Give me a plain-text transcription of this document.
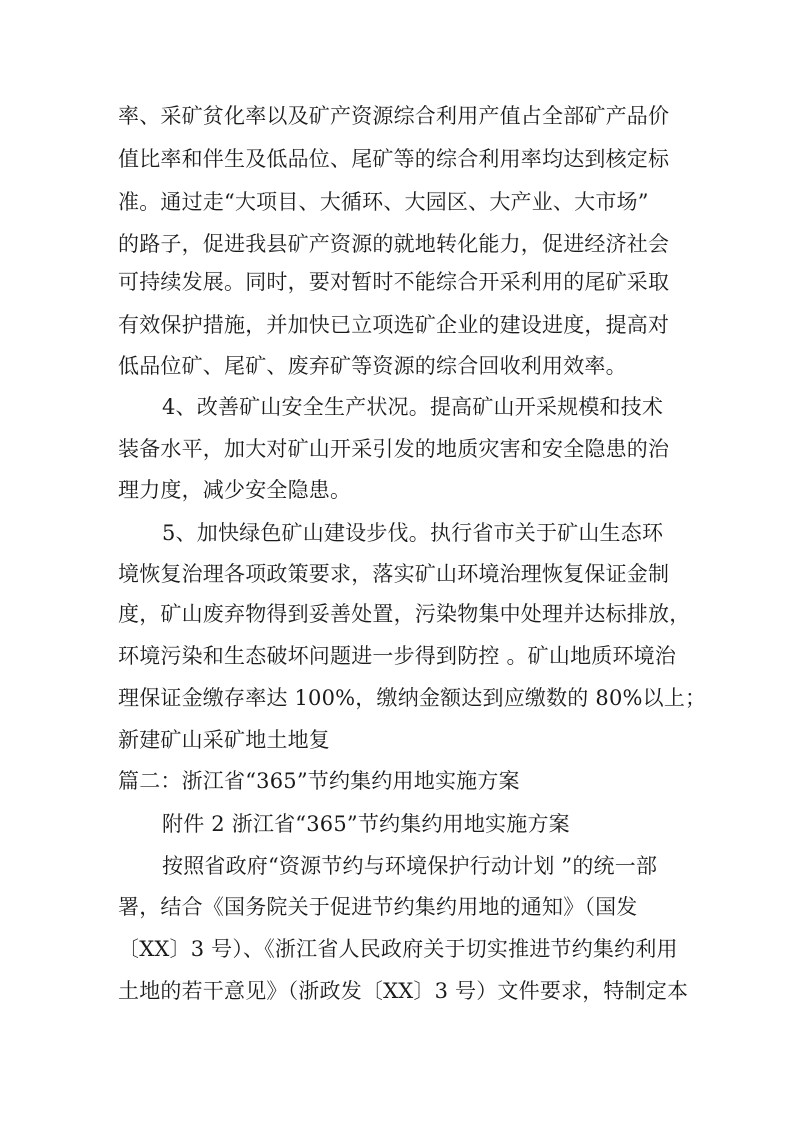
率、采矿贫化率以及矿产资源综合利用产值占全部矿产品价
值比率和伴生及低品位、尾矿等的综合利用率均达到核定标
准。通过走“大项目、大循环、大园区、大产业、大市场”
的路子，促进我县矿产资源的就地转化能力，促进经济社会
可持续发展。同时，要对暂时不能综合开采利用的尾矿采取
有效保护措施，并加快已立项选矿企业的建设进度，提高对
低品位矿、尾矿、废弃矿等资源的综合回收利用效率。
4、改善矿山安全生产状况。提高矿山开采规模和技术
装备水平，加大对矿山开采引发的地质灾害和安全隐患的治
理力度，减少安全隐患。
5、加快绿色矿山建设步伐。执行省市关于矿山生态环
境恢复治理各项政策要求，落实矿山环境治理恢复保证金制
度，矿山废弃物得到妥善处置，污染物集中处理并达标排放，
环境污染和生态破坏问题进一步得到防控 。矿山地质环境治
理保证金缴存率达 100%，缴纳金额达到应缴数的 80%以上；
新建矿山采矿地土地复
篇二：浙江省“365”节约集约用地实施方案
附件 2 浙江省“365”节约集约用地实施方案
按照省政府“资源节约与环境保护行动计划 ”的统一部
署，结合《国务院关于促进节约集约用地的通知》（国发
〔XX〕3 号）、《浙江省人民政府关于切实推进节约集约利用
土地的若干意见》（浙政发〔XX〕3 号）文件要求，特制定本
